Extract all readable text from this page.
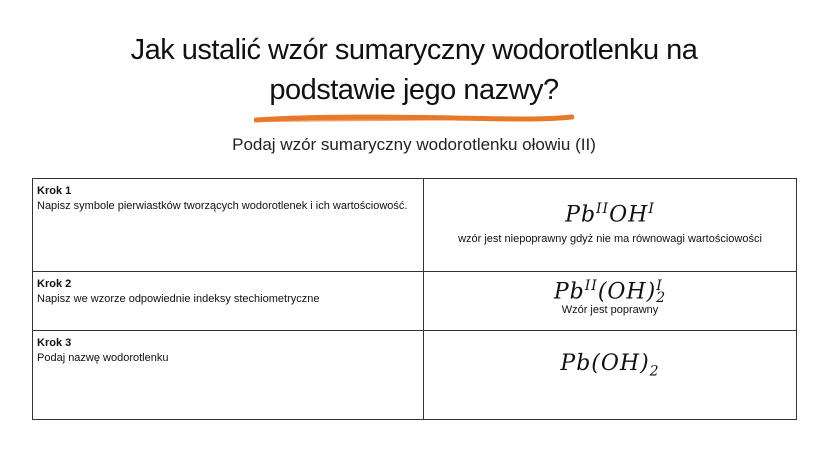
Jak ustalić wzór sumaryczny wodorotlenku na
podstawie jego nazwy?
Podaj wzór sumaryczny wodorotlenku ołowiu (II)
Krok 1
Napisz symbole pierwiastków tworzących wodorotlenek i ich wartościowość.	$Pb^{II}OH^I$
wzór jest niepoprawny gdyż nie ma równowagi wartościowości

Krok 2
Napisz we wzorze odpowiednie indeksy stechiometryczne	$Pb^{II}(OH)$ I
2
Wzór jest poprawny

Krok 3
Podaj nazwę wodorotlenku	$Pb(OH)_2$
